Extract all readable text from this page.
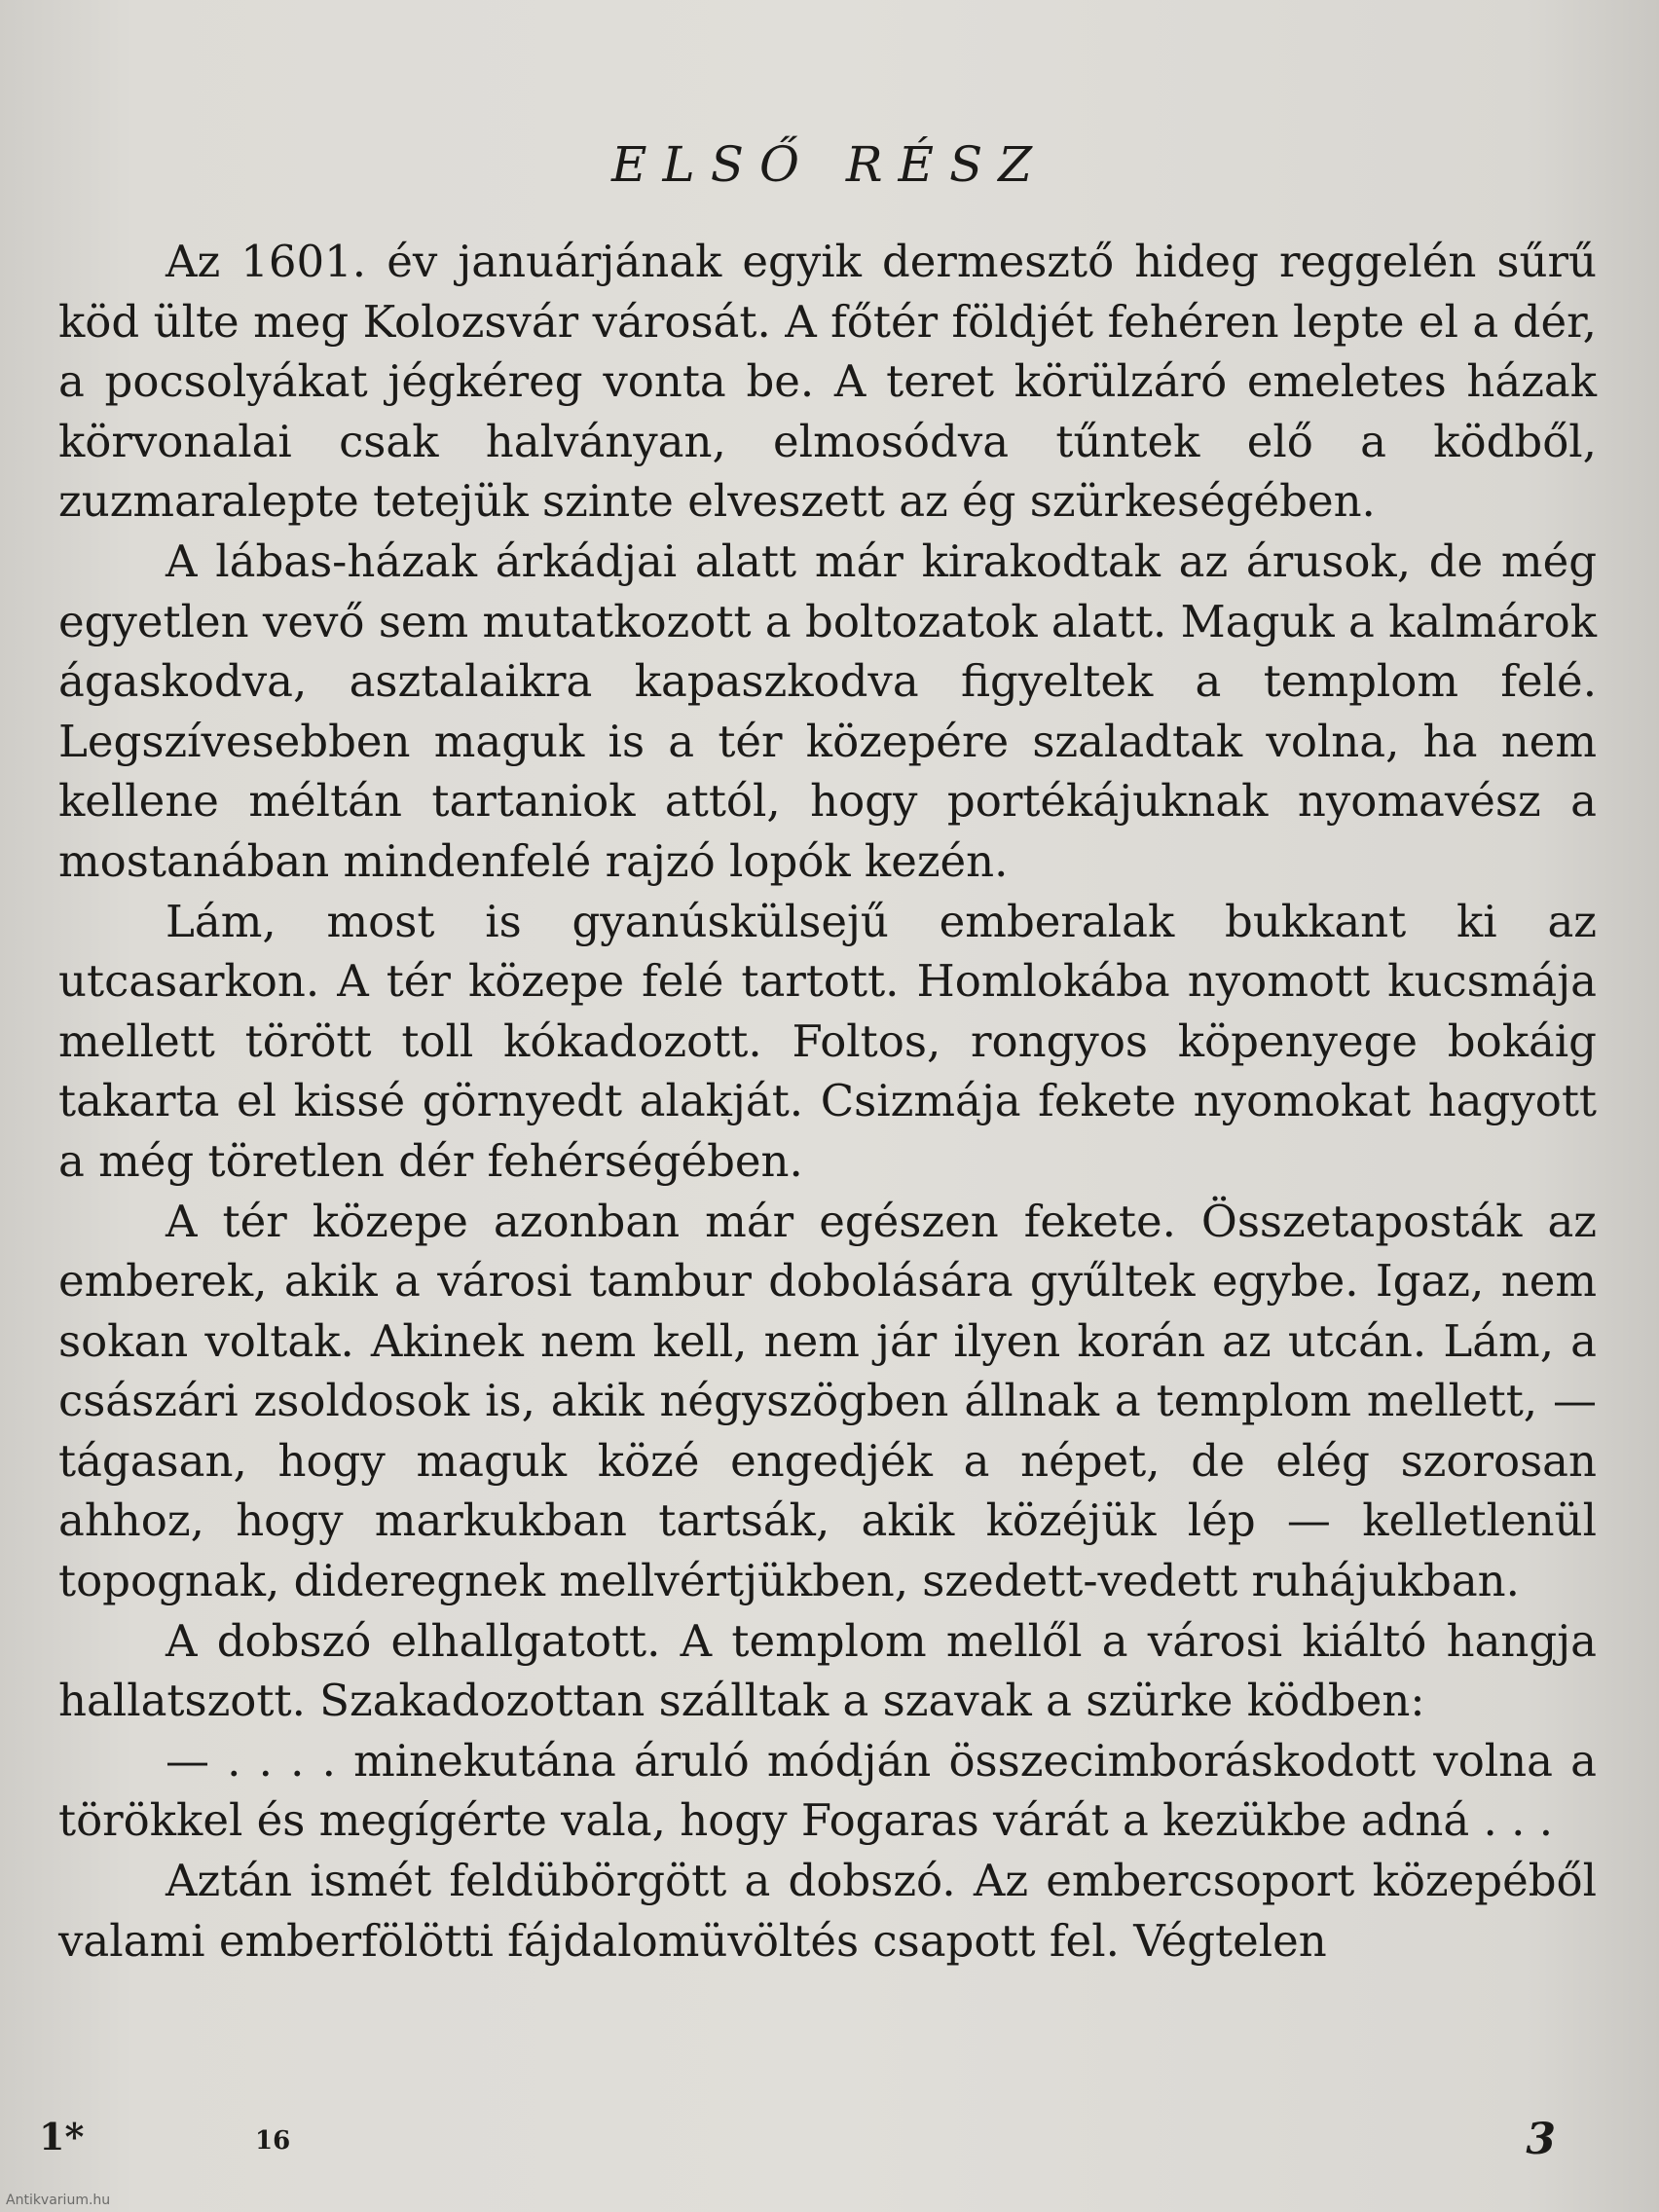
ELSŐ RÉSZ

Az 1601. év januárjának egyik dermesztő hideg reggelén sűrű köd ülte meg Kolozsvár városát. A főtér földjét fehéren lepte el a dér, a pocsolyákat jégkéreg vonta be. A teret körülzáró emeletes házak körvonalai csak halványan, elmosódva tűntek elő a ködből, zuzmaralepte tetejük szinte elveszett az ég szürkeségében.

A lábas-házak árkádjai alatt már kirakodtak az árusok, de még egyetlen vevő sem mutatkozott a boltozatok alatt. Maguk a kalmárok ágaskodva, asztalaikra kapaszkodva figyeltek a templom felé. Legszívesebben maguk is a tér közepére szaladtak volna, ha nem kellene méltán tartaniok attól, hogy portékájuknak nyomavész a mostanában mindenfelé rajzó lopók kezén.

Lám, most is gyanúskülsejű emberalak bukkant ki az utcasarkon. A tér közepe felé tartott. Homlokába nyomott kucsmája mellett törött toll kókadozott. Foltos, rongyos köpenyege bokáig takarta el kissé görnyedt alakját. Csizmája fekete nyomokat hagyott a még töretlen dér fehérségében.

A tér közepe azonban már egészen fekete. Összetaposták az emberek, akik a városi tambur dobolására gyűltek egybe. Igaz, nem sokan voltak. Akinek nem kell, nem jár ilyen korán az utcán. Lám, a császári zsoldosok is, akik négyszögben állnak a templom mellett, — tágasan, hogy maguk közé engedjék a népet, de elég szorosan ahhoz, hogy markukban tartsák, akik közéjük lép — kelletlenül topognak, dideregnek mellvértjükben, szedett-vedett ruhájukban.

A dobszó elhallgatott. A templom mellől a városi kiáltó hangja hallatszott. Szakadozottan szálltak a szavak a szürke ködben:

— . . . . minekutána áruló módján összecimboráskodott volna a törökkel és megígérte vala, hogy Fogaras várát a kezükbe adná . . .

Aztán ismét feldübörgött a dobszó. Az embercsoport közepéből valami emberfölötti fájdalomüvöltés csapott fel. Végtelen

1*	16	3
Antikvarium.hu
